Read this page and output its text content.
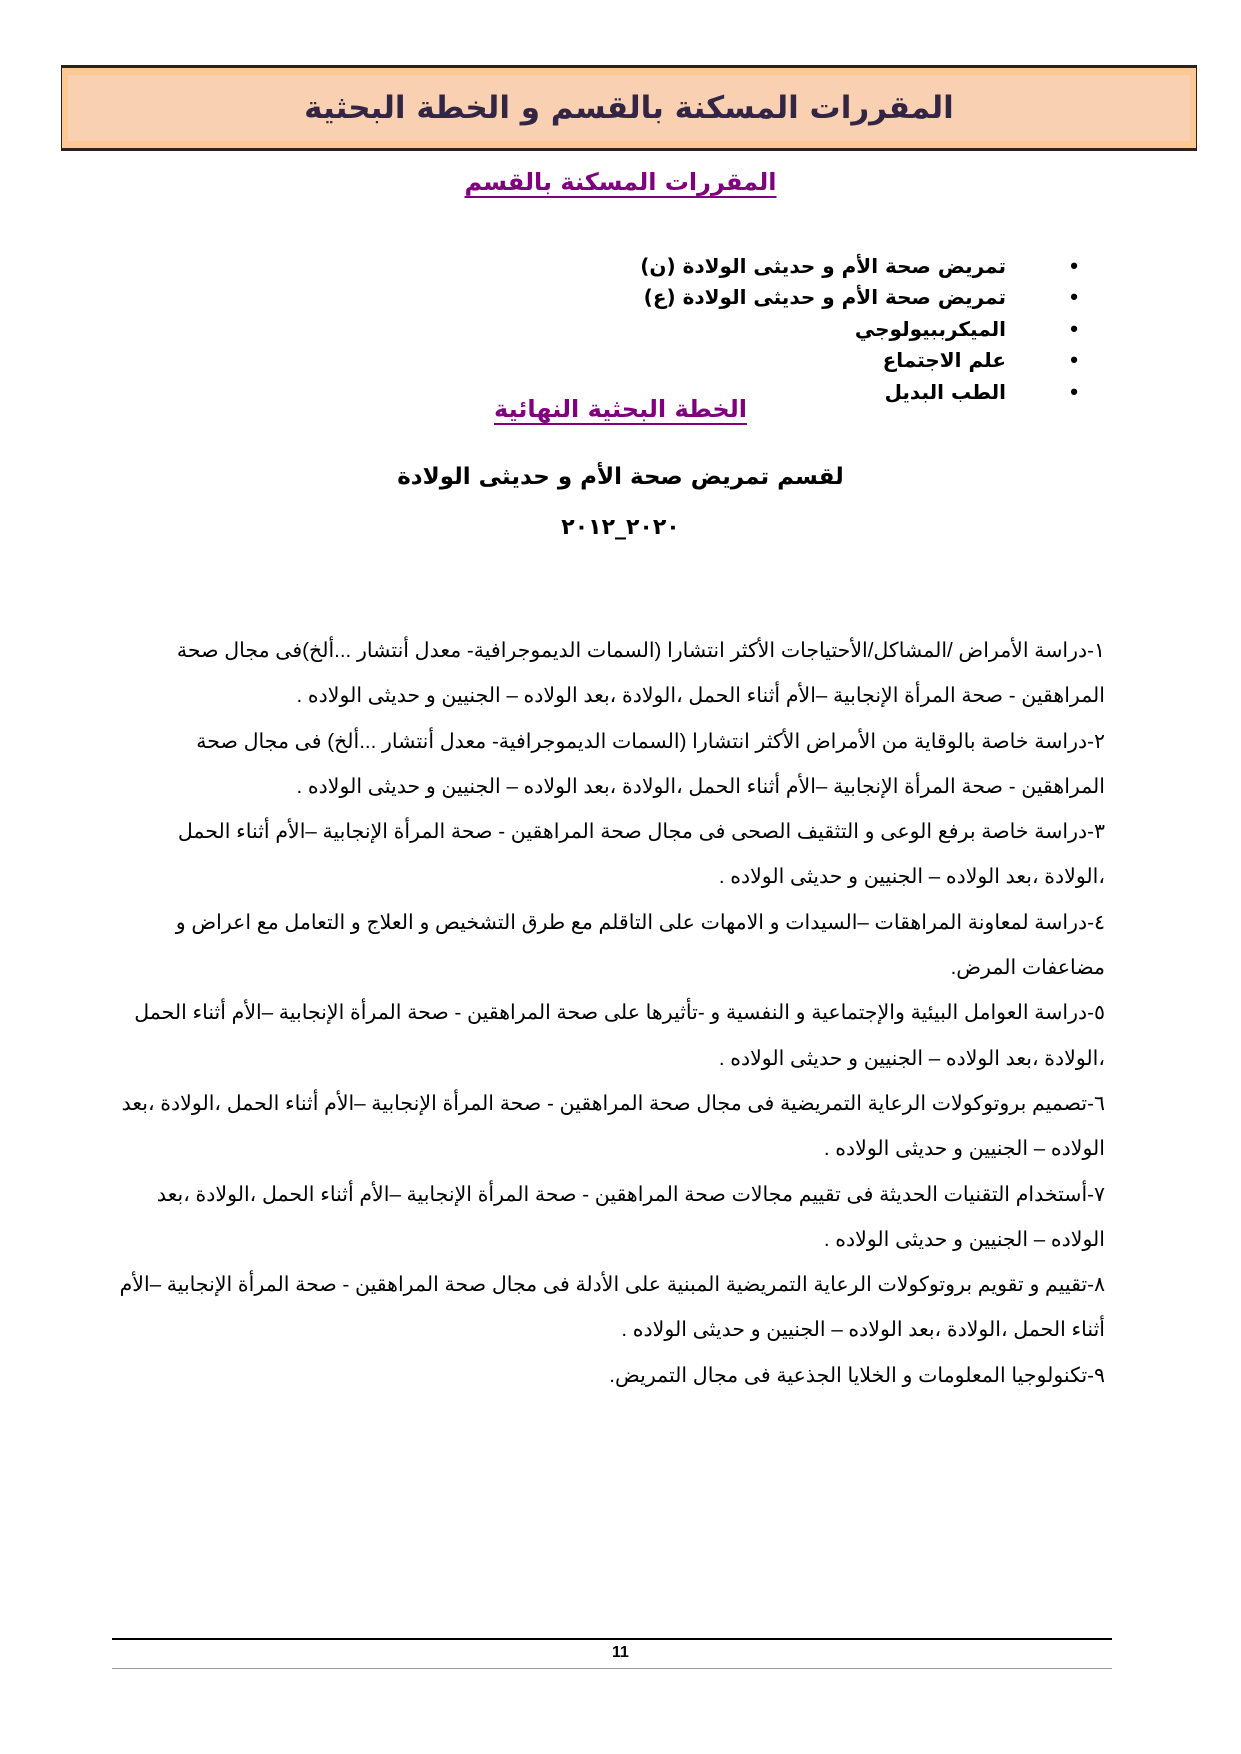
المقررات المسكنة بالقسم و الخطة البحثية
المقررات المسكنة بالقسم
•
تمريض صحة الأم و حديثى الولادة (ن)
•
تمريض صحة الأم و حديثى الولادة (ع)
•
الميكرببيولوجي
•
علم الاجتماع
•
الطب البديل
الخطة البحثية النهائية
لقسم تمريض صحة الأم و حديثى الولادة
٢٠٢٠_٢٠١٢

١-دراسة الأمراض /المشاكل/الأحتياجات الأكثر انتشارا (السمات الديموجرافية- معدل أنتشار ...ألخ)فى مجال صحة المراهقين - صحة المرأة الإنجابية –الأم أثناء الحمل ،الولادة ،بعد الولاده – الجنيين و حديثى الولاده .

٢-دراسة خاصة بالوقاية من الأمراض الأكثر انتشارا (السمات الديموجرافية- معدل أنتشار ...ألخ) فى مجال صحة المراهقين - صحة المرأة الإنجابية –الأم أثناء الحمل ،الولادة ،بعد الولاده – الجنيين و حديثى الولاده .

٣-دراسة خاصة برفع الوعى و التثقيف الصحى فى مجال صحة المراهقين - صحة المرأة الإنجابية –الأم أثناء الحمل ،الولادة ،بعد الولاده – الجنيين و حديثى الولاده .

٤-دراسة لمعاونة المراهقات –السيدات و الامهات على التاقلم مع طرق التشخيص و العلاج و التعامل مع اعراض و مضاعفات المرض.

٥-دراسة العوامل البيئية والإجتماعية و النفسية و -تأثيرها على صحة المراهقين - صحة المرأة الإنجابية –الأم أثناء الحمل ،الولادة ،بعد الولاده – الجنيين و حديثى الولاده .

٦-تصميم بروتوكولات الرعاية التمريضية فى مجال صحة المراهقين - صحة المرأة الإنجابية –الأم أثناء الحمل ،الولادة ،بعد الولاده – الجنيين و حديثى الولاده .

٧-أستخدام التقنيات الحديثة فى تقييم مجالات صحة المراهقين - صحة المرأة الإنجابية –الأم أثناء الحمل ،الولادة ،بعد الولاده – الجنيين و حديثى الولاده .

٨-تقييم و تقويم بروتوكولات الرعاية التمريضية المبنية على الأدلة فى مجال صحة المراهقين - صحة المرأة الإنجابية –الأم أثناء الحمل ،الولادة ،بعد الولاده – الجنيين و حديثى الولاده .

٩-تكنولوجيا المعلومات و الخلايا الجذعية فى مجال التمريض.

11
